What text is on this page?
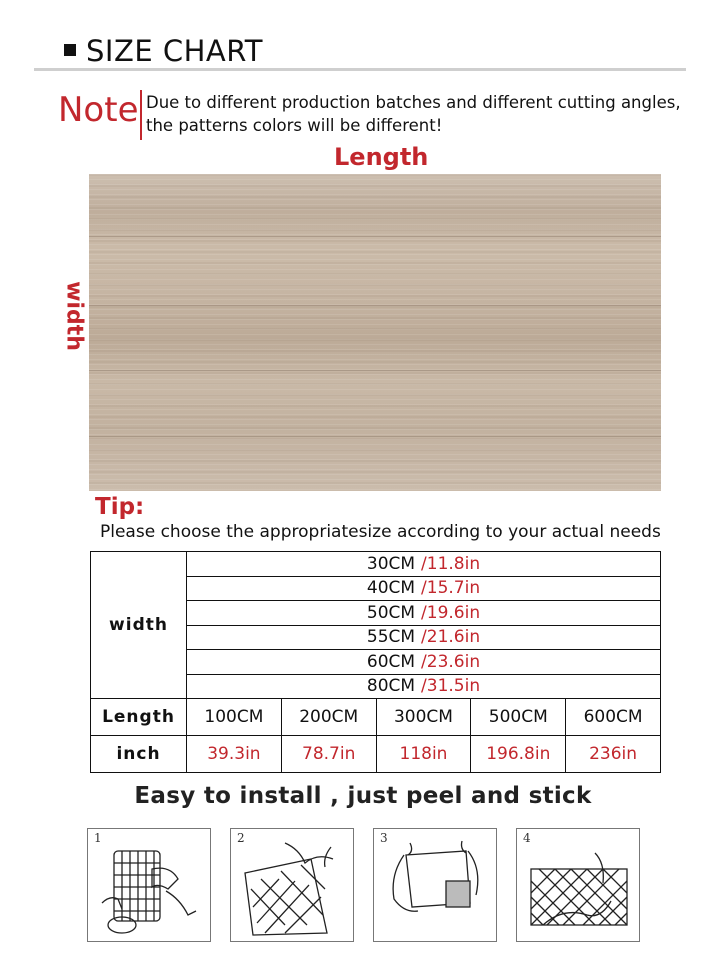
SIZE CHART
Note Due to different production batches and different cutting angles,
the patterns colors will be different!
Length
width
Tip:
Please choose the appropriatesize according to your actual needs
width
30CM /11.8in
40CM /15.7in
50CM /19.6in
55CM /21.6in
60CM /23.6in
80CM /31.5in
Length	100CM	200CM	300CM	500CM	600CM
inch	39.3in	78.7in	118in	196.8in	236in
Easy to install , just peel and stick
1	2	3	4
